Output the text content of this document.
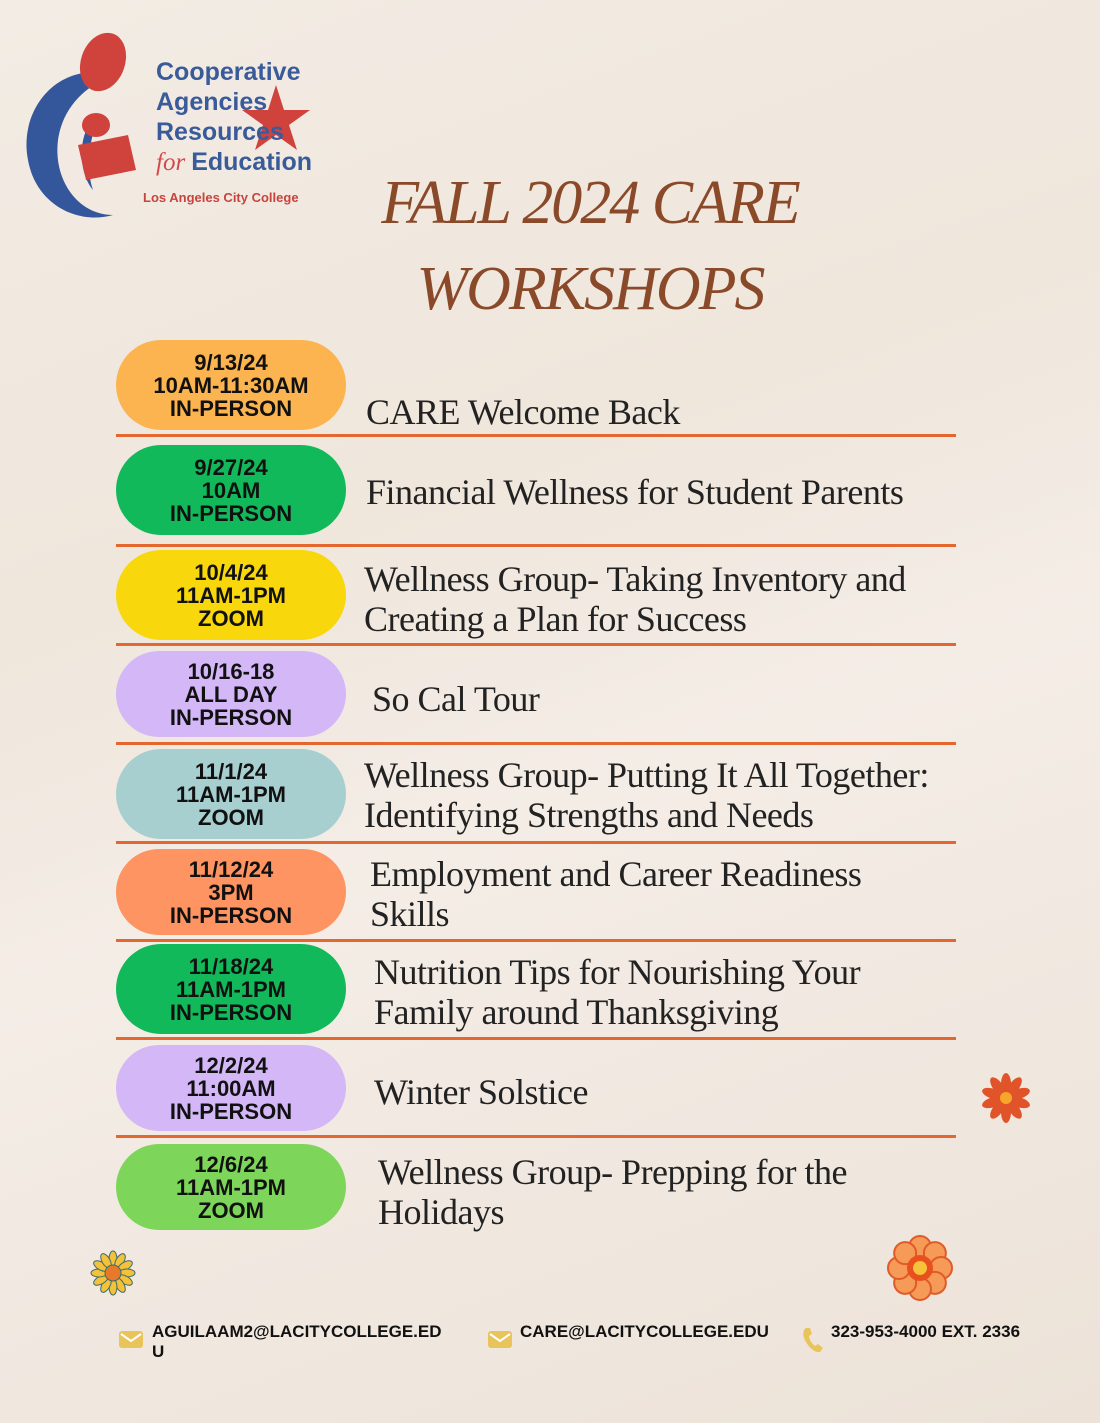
Cooperative
Agencies
Resources
for Education
Los Angeles City College	FALL 2024 CARE
WORKSHOPS
9/13/24
10AM-11:30AM
IN-PERSON CARE Welcome Back
9/27/24
10AM
IN-PERSON
Financial Wellness for Student Parents
10/4/24
11AM-1PM
ZOOM
Wellness Group- Taking Inventory and Creating a Plan for Success
10/16-18
ALL DAY
IN-PERSON So Cal Tour
11/1/24
11AM-1PM
ZOOM
Wellness Group- Putting It All Together: Identifying Strengths and Needs
11/12/24
3PM
IN-PERSON
Employment and Career Readiness Skills
11/18/24
11AM-1PM
IN-PERSON
Nutrition Tips for Nourishing Your Family around Thanksgiving
12/2/24
11:00AM
IN-PERSON Winter Solstice
12/6/24
11AM-1PM
ZOOM
Wellness Group- Prepping for the Holidays
AGUILAAM2@LACITYCOLLEGE.ED
U
CARE@LACITYCOLLEGE.EDU	323-953-4000 EXT. 2336
